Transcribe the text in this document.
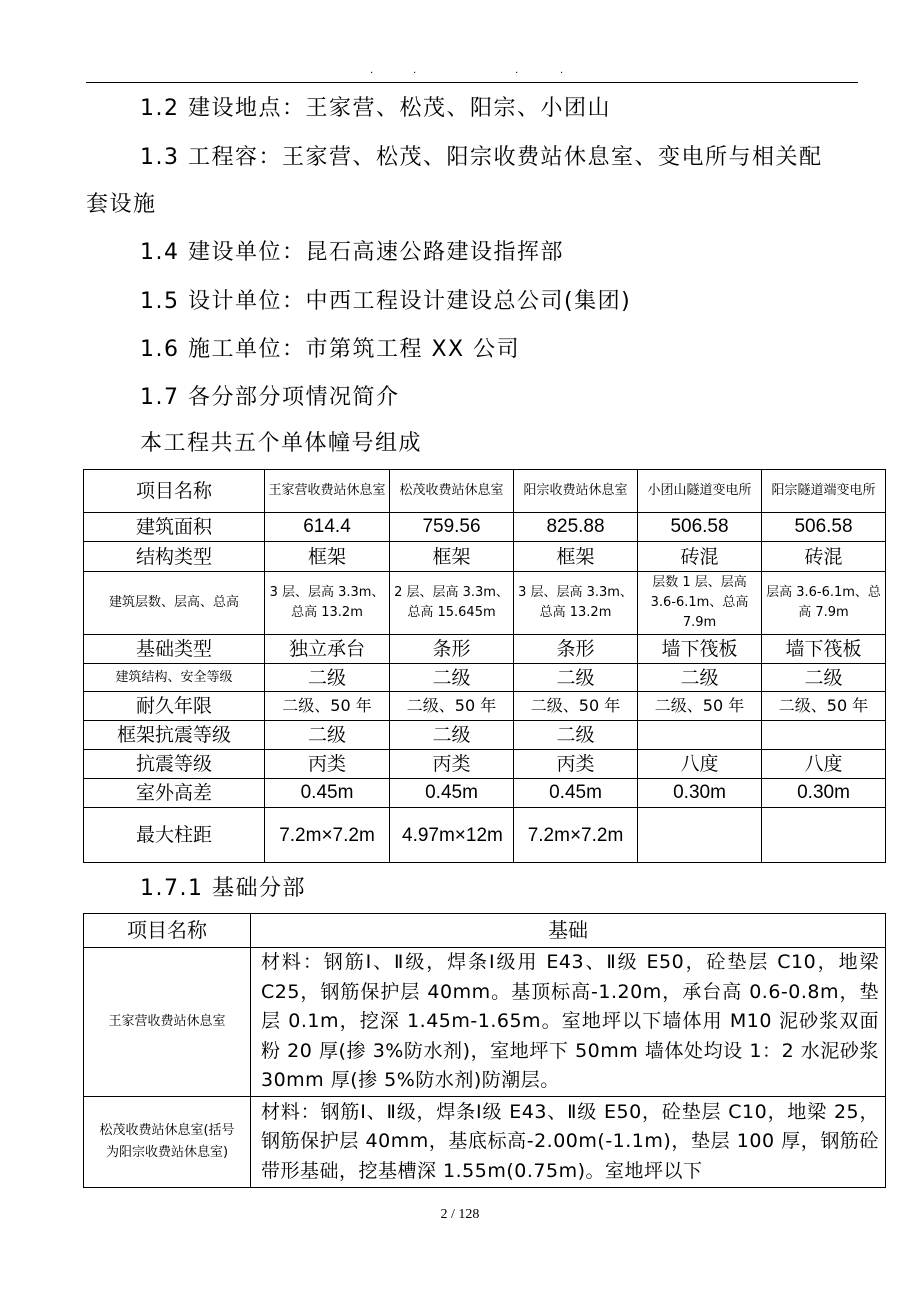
.	.	.	.
1.2 建设地点：王家营、松茂、阳宗、小团山
1.3 工程容：王家营、松茂、阳宗收费站休息室、变电所与相关配
套设施
1.4 建设单位：昆石高速公路建设指挥部
1.5 设计单位：中西工程设计建设总公司(集团)
1.6 施工单位：市第筑工程 XX 公司
1.7 各分部分项情况简介
本工程共五个单体幢号组成
项目名称	王家营收费站休息室	松茂收费站休息室	阳宗收费站休息室	小团山隧道变电所	阳宗隧道端变电所
建筑面积	614.4	759.56	825.88	506.58	506.58
结构类型	框架	框架	框架	砖混	砖混
建筑层数、层高、总高	3 层、层高 3.3m、总高 13.2m	2 层、层高 3.3m、总高 15.645m	3 层、层高 3.3m、总高 13.2m	层数 1 层、层高 3.6-6.1m、总高 7.9m	层高 3.6-6.1m、总高 7.9m
基础类型	独立承台	条形	条形	墙下筏板	墙下筏板
建筑结构、安全等级	二级	二级	二级	二级	二级
耐久年限	二级、50 年	二级、50 年	二级、50 年	二级、50 年	二级、50 年
框架抗震等级	二级	二级	二级		
抗震等级	丙类	丙类	丙类	八度	八度
室外高差	0.45m	0.45m	0.45m	0.30m	0.30m
最大柱距	7.2m×7.2m	4.97m×12m	7.2m×7.2m		
1.7.1 基础分部
项目名称	基础
王家营收费站休息室	材料：钢筋Ⅰ、Ⅱ级，焊条Ⅰ级用 E43、Ⅱ级 E50，砼垫层 C10，地梁 C25，钢筋保护层 40mm。基顶标高-1.20m，承台高 0.6-0.8m，垫层 0.1m，挖深 1.45m-1.65m。室地坪以下墙体用 M10 泥砂浆双面粉 20 厚(掺 3%防水剂)，室地坪下 50mm 墙体处均设 1：2 水泥砂浆 30mm 厚(掺 5%防水剂)防潮层。
松茂收费站休息室(括号为阳宗收费站休息室)	材料：钢筋Ⅰ、Ⅱ级，焊条Ⅰ级 E43、Ⅱ级 E50，砼垫层 C10，地梁 25，钢筋保护层 40mm，基底标高-2.00m(-1.1m)，垫层 100 厚，钢筋砼带形基础，挖基槽深 1.55m(0.75m)。室地坪以下
2 / 128
